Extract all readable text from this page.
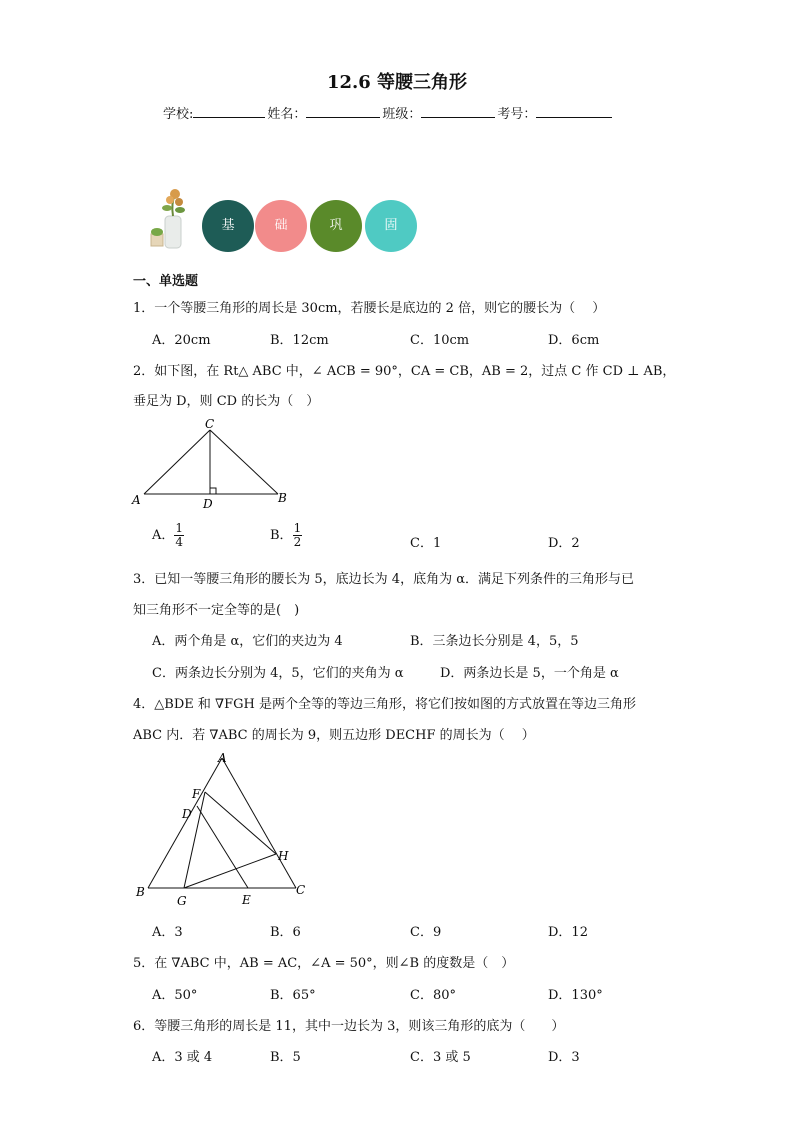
12.6 等腰三角形
学校:	姓名：	班级：	考号：
基	础	巩	固
一、单选题
1．一个等腰三角形的周长是 30cm，若腰长是底边的 2 倍，则它的腰长为（　 ）
A．20cm	B．12cm	C．10cm	D．6cm
2．如下图，在 Rt△ ABC 中，∠ ACB = 90°，CA = CB，AB = 2，过点 C 作 CD ⊥ AB，
垂足为 D，则 CD 的长为（　）
C
A	B
D
A． $\frac{1}{4}$	B． $\frac{1}{2}$	C．1	D．2
3．已知一等腰三角形的腰长为 5，底边长为 4，底角为 α．满足下列条件的三角形与已
知三角形不一定全等的是(　)
A．两个角是 α，它们的夹边为 4	B．三条边长分别是 4，5，5
C．两条边长分别为 4，5，它们的夹角为 α	D．两条边长是 5，一个角是 α
4．△BDE 和 ∇FGH 是两个全等的等边三角形，将它们按如图的方式放置在等边三角形
ABC 内．若 ∇ABC 的周长为 9，则五边形 DECHF 的周长为（　 ）
A
B	C
D
E
F
G
H
A．3	B．6	C．9	D．12
5．在 ∇ABC 中，AB = AC，∠A = 50°，则∠B 的度数是（　）
A．50°	B．65°	C．80°	D．130°
6．等腰三角形的周长是 11，其中一边长为 3，则该三角形的底为（　　）
A．3 或 4	B．5	C．3 或 5	D．3
